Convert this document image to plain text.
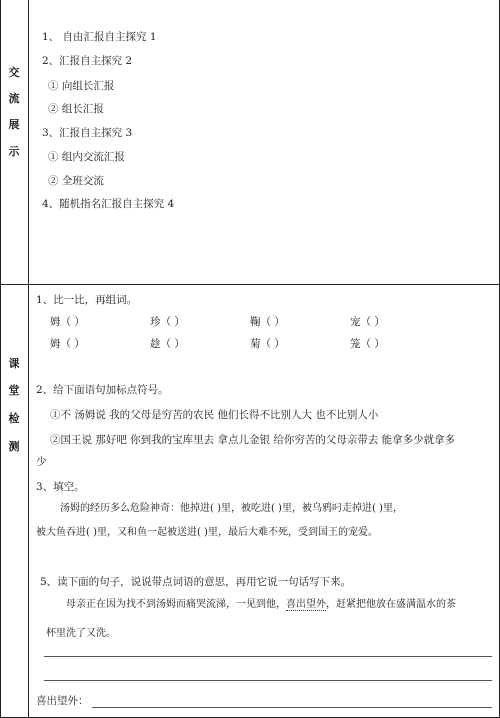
交
流
展
示
1、 自由汇报自主探究 1
2、汇报自主探究 2
① 向组长汇报
② 组长汇报
3、汇报自主探究 3
① 组内交流汇报
② 全班交流
4、随机指名汇报自主探究 4
课
堂
检
测
1、比一比，再组词。
姆（ ）	珍（ ）	鞠（ ）	宠（ ）
姆（ ）	趁（ ）	菊（ ）	笼（ ）
2、给下面语句加标点符号。
①不 汤姆说 我的父母是穷苦的农民 他们长得不比别人大 也不比别人小
②国王说 那好吧 你到我的宝库里去 拿点儿金银 给你穷苦的父母亲带去 能拿多少就拿多
少
3、填空。
汤姆的经历多么危险神奇：他掉进( )里，被吃进( )里，被乌鸦叼走掉进( )里，
被大鱼吞进( )里，又和鱼一起被送进( )里，最后大难不死，受到国王的宠爱。
5、读下面的句子，说说带点词语的意思，再用它说一句话写下来。
母亲正在因为找不到汤姆而痛哭流涕，一见到他，喜出望外，赶紧把他放在盛满温水的茶
杯里洗了又洗。
喜出望外：
